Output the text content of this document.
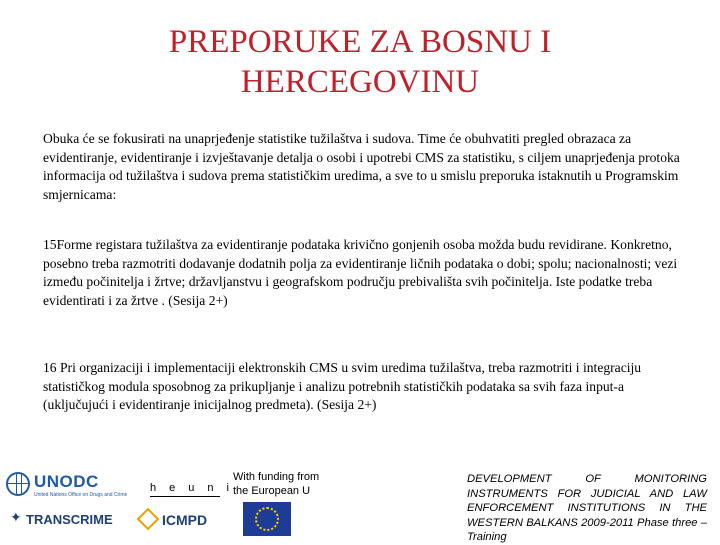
PREPORUKE ZA BOSNU I
HERCEGOVINU
Obuka će se fokusirati na unaprjeđenje statistike tužilaštva i sudova. Time će obuhvatiti pregled obrazaca za evidentiranje, evidentiranje i izvještavanje detalja o osobi i upotrebi CMS za statistiku, s ciljem unaprjeđenja protoka informacija od tužilaštva i sudova prema statističkim uredima, a sve to u smislu preporuka istaknutih u Programskim smjernicama:
15Forme registara tužilaštva za evidentiranje podataka krivično gonjenih osoba možda budu revidirane. Konkretno, posebno treba razmotriti dodavanje dodatnih polja za evidentiranje ličnih podataka o dobi; spolu; nacionalnosti; vezi između počinitelja i žrtve; državljanstvu i geografskom području prebivališta svih počinitelja. Iste podatke treba evidentirati i za žrtve . (Sesija 2+)
16 Pri organizaciji i implementaciji elektronskih CMS u svim uredima tužilaštva, treba razmotriti i integraciju statističkog modula sposobnog za prikupljanje i analizu potrebnih statističkih podataka sa svih faza input-a (uključujući i evidentiranje inicijalnog predmeta). (Sesija 2+)
UNODC
United Nations Office on Drugs and Crime
heuni
With funding from the European U
✦ TRANSCRIME	ICMPD
DEVELOPMENT OF MONITORING INSTRUMENTS FOR JUDICIAL AND LAW ENFORCEMENT INSTITUTIONS IN THE WESTERN BALKANS 2009-2011 Phase three – Training
